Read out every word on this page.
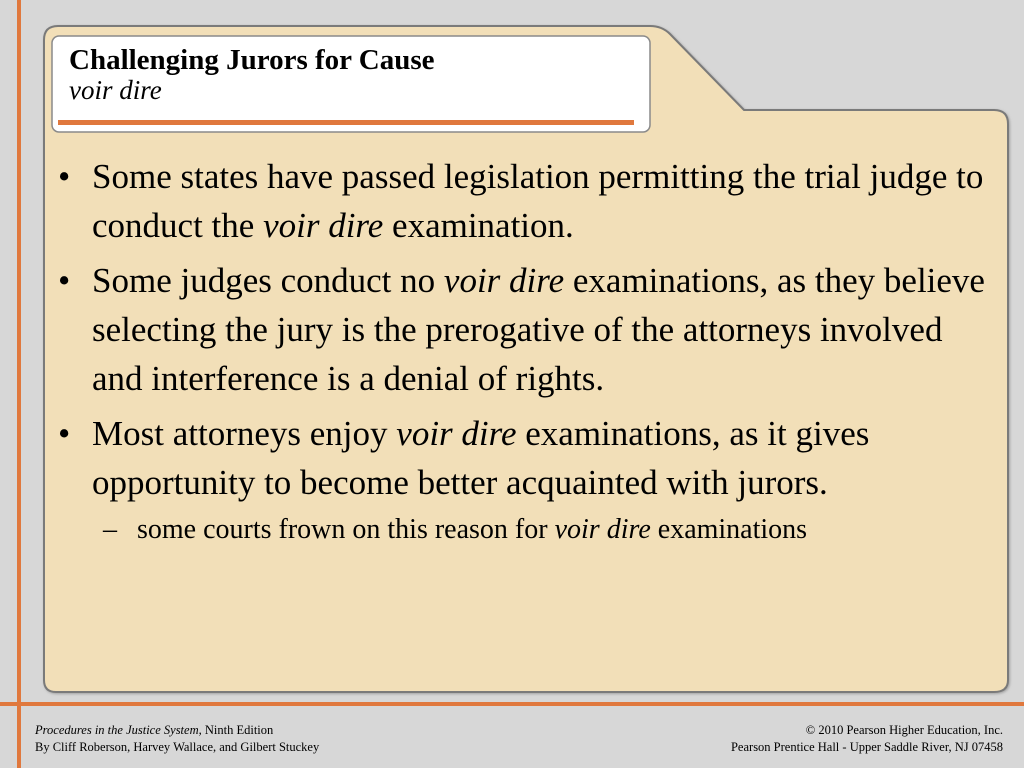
Challenging Jurors for Cause
voir dire
• Some states have passed legislation permitting the trial judge to conduct the voir dire examination.
• Some judges conduct no voir dire examinations, as they believe selecting the jury is the prerogative of the attorneys involved and interference is a denial of rights.
• Most attorneys enjoy voir dire examinations, as it gives opportunity to become better acquainted with jurors.
– some courts frown on this reason for voir dire examinations
Procedures in the Justice System, Ninth Edition
By Cliff Roberson, Harvey Wallace, and Gilbert Stuckey
© 2010 Pearson Higher Education, Inc.
Pearson Prentice Hall - Upper Saddle River, NJ 07458
